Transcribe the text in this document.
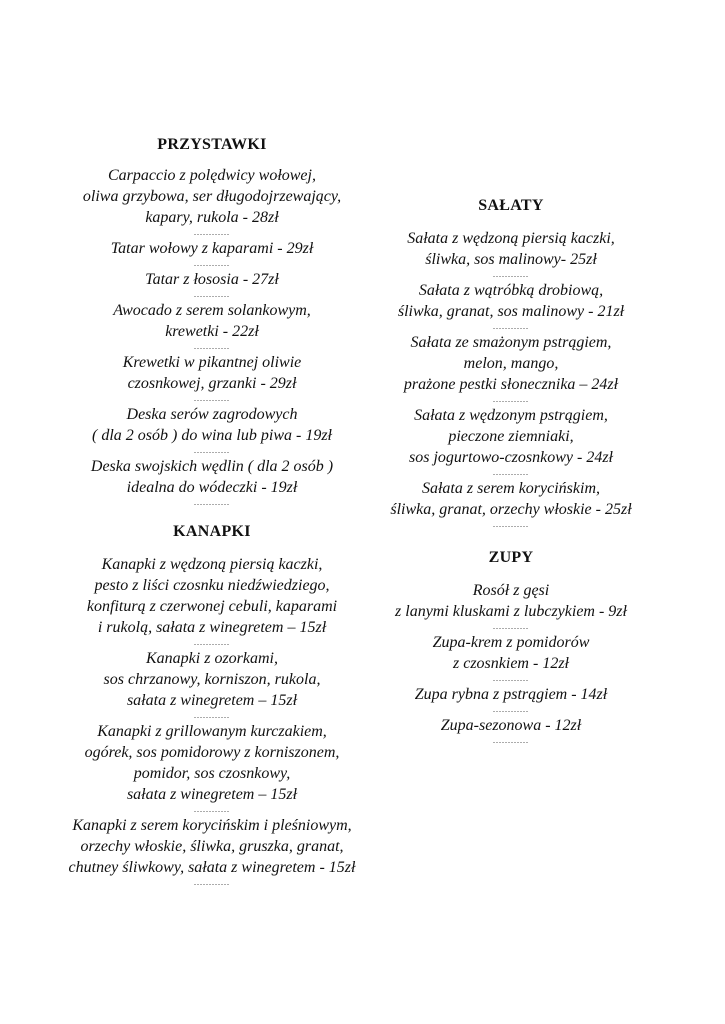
PRZYSTAWKI
Carpaccio z polędwicy wołowej,
oliwa grzybowa, ser długodojrzewający,
kapary, rukola - 28zł
.....
Tatar wołowy z kaparami - 29zł
.....
Tatar z łososia - 27zł
.....
Awocado z serem solankowym,
krewetki - 22zł
.....
Krewetki w pikantnej oliwie
czosnkowej, grzanki - 29zł
.....
Deska serów zagrodowych
( dla 2 osób ) do wina lub piwa - 19zł
.....
Deska swojskich wędlin ( dla 2 osób )
idealna do wódeczki - 19zł
.....
KANAPKI
Kanapki z wędzoną piersią kaczki,
pesto z liści czosnku niedźwiedziego,
konfiturą z czerwonej cebuli, kaparami
i rukolą, sałata z winegretem – 15zł
.....
Kanapki z ozorkami,
sos chrzanowy, korniszon, rukola,
sałata z winegretem – 15zł
.....
Kanapki z grillowanym kurczakiem,
ogórek, sos pomidorowy z korniszonem,
pomidor, sos czosnkowy,
sałata z winegretem – 15zł
.....
Kanapki z serem korycińskim i pleśniowym,
orzechy włoskie, śliwka, gruszka, granat,
chutney śliwkowy, sałata z winegretem - 15zł
.....
SAŁATY
Sałata z wędzoną piersią kaczki,
śliwka, sos malinowy- 25zł
.....
Sałata z wątróbką drobiową,
śliwka, granat, sos malinowy - 21zł
.....
Sałata ze smażonym pstrągiem,
melon, mango,
prażone pestki słonecznika – 24zł
.....
Sałata z wędzonym pstrągiem,
pieczone ziemniaki,
sos jogurtowo-czosnkowy - 24zł
.....
Sałata z serem korycińskim,
śliwka, granat, orzechy włoskie - 25zł
.....
ZUPY
Rosół z gęsi
z lanymi kluskami z lubczykiem - 9zł
.....
Zupa-krem z pomidorów
z czosnkiem - 12zł
.....
Zupa rybna z pstrągiem - 14zł
.....
Zupa-sezonowa - 12zł
.....
